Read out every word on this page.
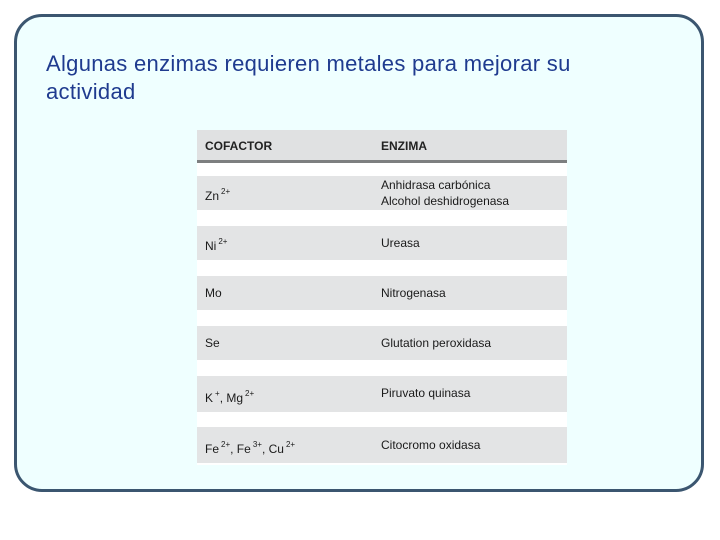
Algunas enzimas requieren metales para mejorar su actividad
COFACTOR	ENZIMA
Zn $^{2+}$	Anhidrasa carbónica
Alcohol deshidrogenasa
Ni $^{2+}$	Ureasa
Mo	Nitrogenasa
Se	Glutation peroxidasa
K +, Mg $^{2+}$	Piruvato quinasa
Fe $^{2+}$, Fe $^{3+}$, Cu $^{2+}$	Citocromo oxidasa
